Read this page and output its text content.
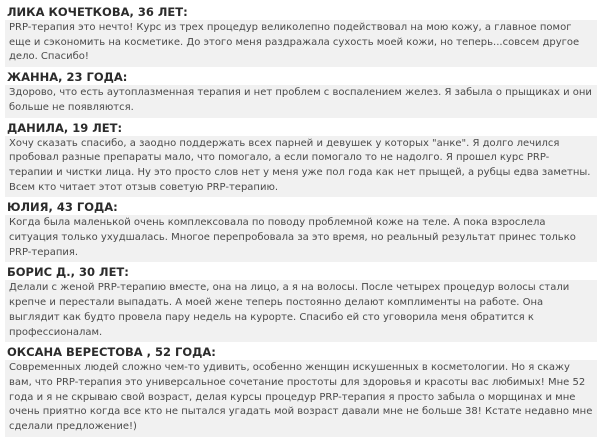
ЛИКА КОЧЕТКОВА, 36 ЛЕТ:
PRP-терапия это нечто! Курс из трех процедур великолепно подействовал на мою кожу, а главное помог еще и сэкономить на косметике. До этого меня раздражала сухость моей кожи, но теперь...совсем другое дело. Спасибо!
ЖАННА, 23 ГОДА:
Здорово, что есть аутоплазменная терапия и нет проблем с воспалением желез. Я забыла о прыщиках и они больше не появляются.
ДАНИЛА, 19 ЛЕТ:
Хочу сказать спасибо, а заодно поддержать всех парней и девушек у которых "анке". Я долго лечился пробовал разные препараты мало, что помогало, а если помогало то не надолго. Я прошел курс PRP-терапии и чистки лица. Ну это просто слов нет у меня уже пол года как нет прыщей, а рубцы едва заметны. Всем кто читает этот отзыв советую PRP-терапию.
ЮЛИЯ, 43 ГОДА:
Когда была маленькой очень комплексовала по поводу проблемной коже на теле. А пока взрослела ситуация только ухудшалась. Многое перепробовала за это время, но реальный результат принес только PRP-терапия.
БОРИС Д., 30 ЛЕТ:
Делали с женой PRP-терапию вместе, она на лицо, а я на волосы. После четырех процедур волосы стали крепче и перестали выпадать. А моей жене теперь постоянно делают комплименты на работе. Она выглядит как будто провела пару недель на курорте. Спасибо ей сто уговорила меня обратится к профессионалам.
ОКСАНА ВЕРЕСТОВА , 52 ГОДА:
Современных людей сложно чем-то удивить, особенно женщин искушенных в косметологии. Но я скажу вам, что PRP-терапия это универсальное сочетание простоты для здоровья и красоты вас любимых! Мне 52 года и я не скрываю свой возраст, делая курсы процедур PRP-терапия я просто забыла о морщинах и мне очень приятно когда все кто не пытался угадать мой возраст давали мне не больше 38! Кстате недавно мне сделали предложение!)
